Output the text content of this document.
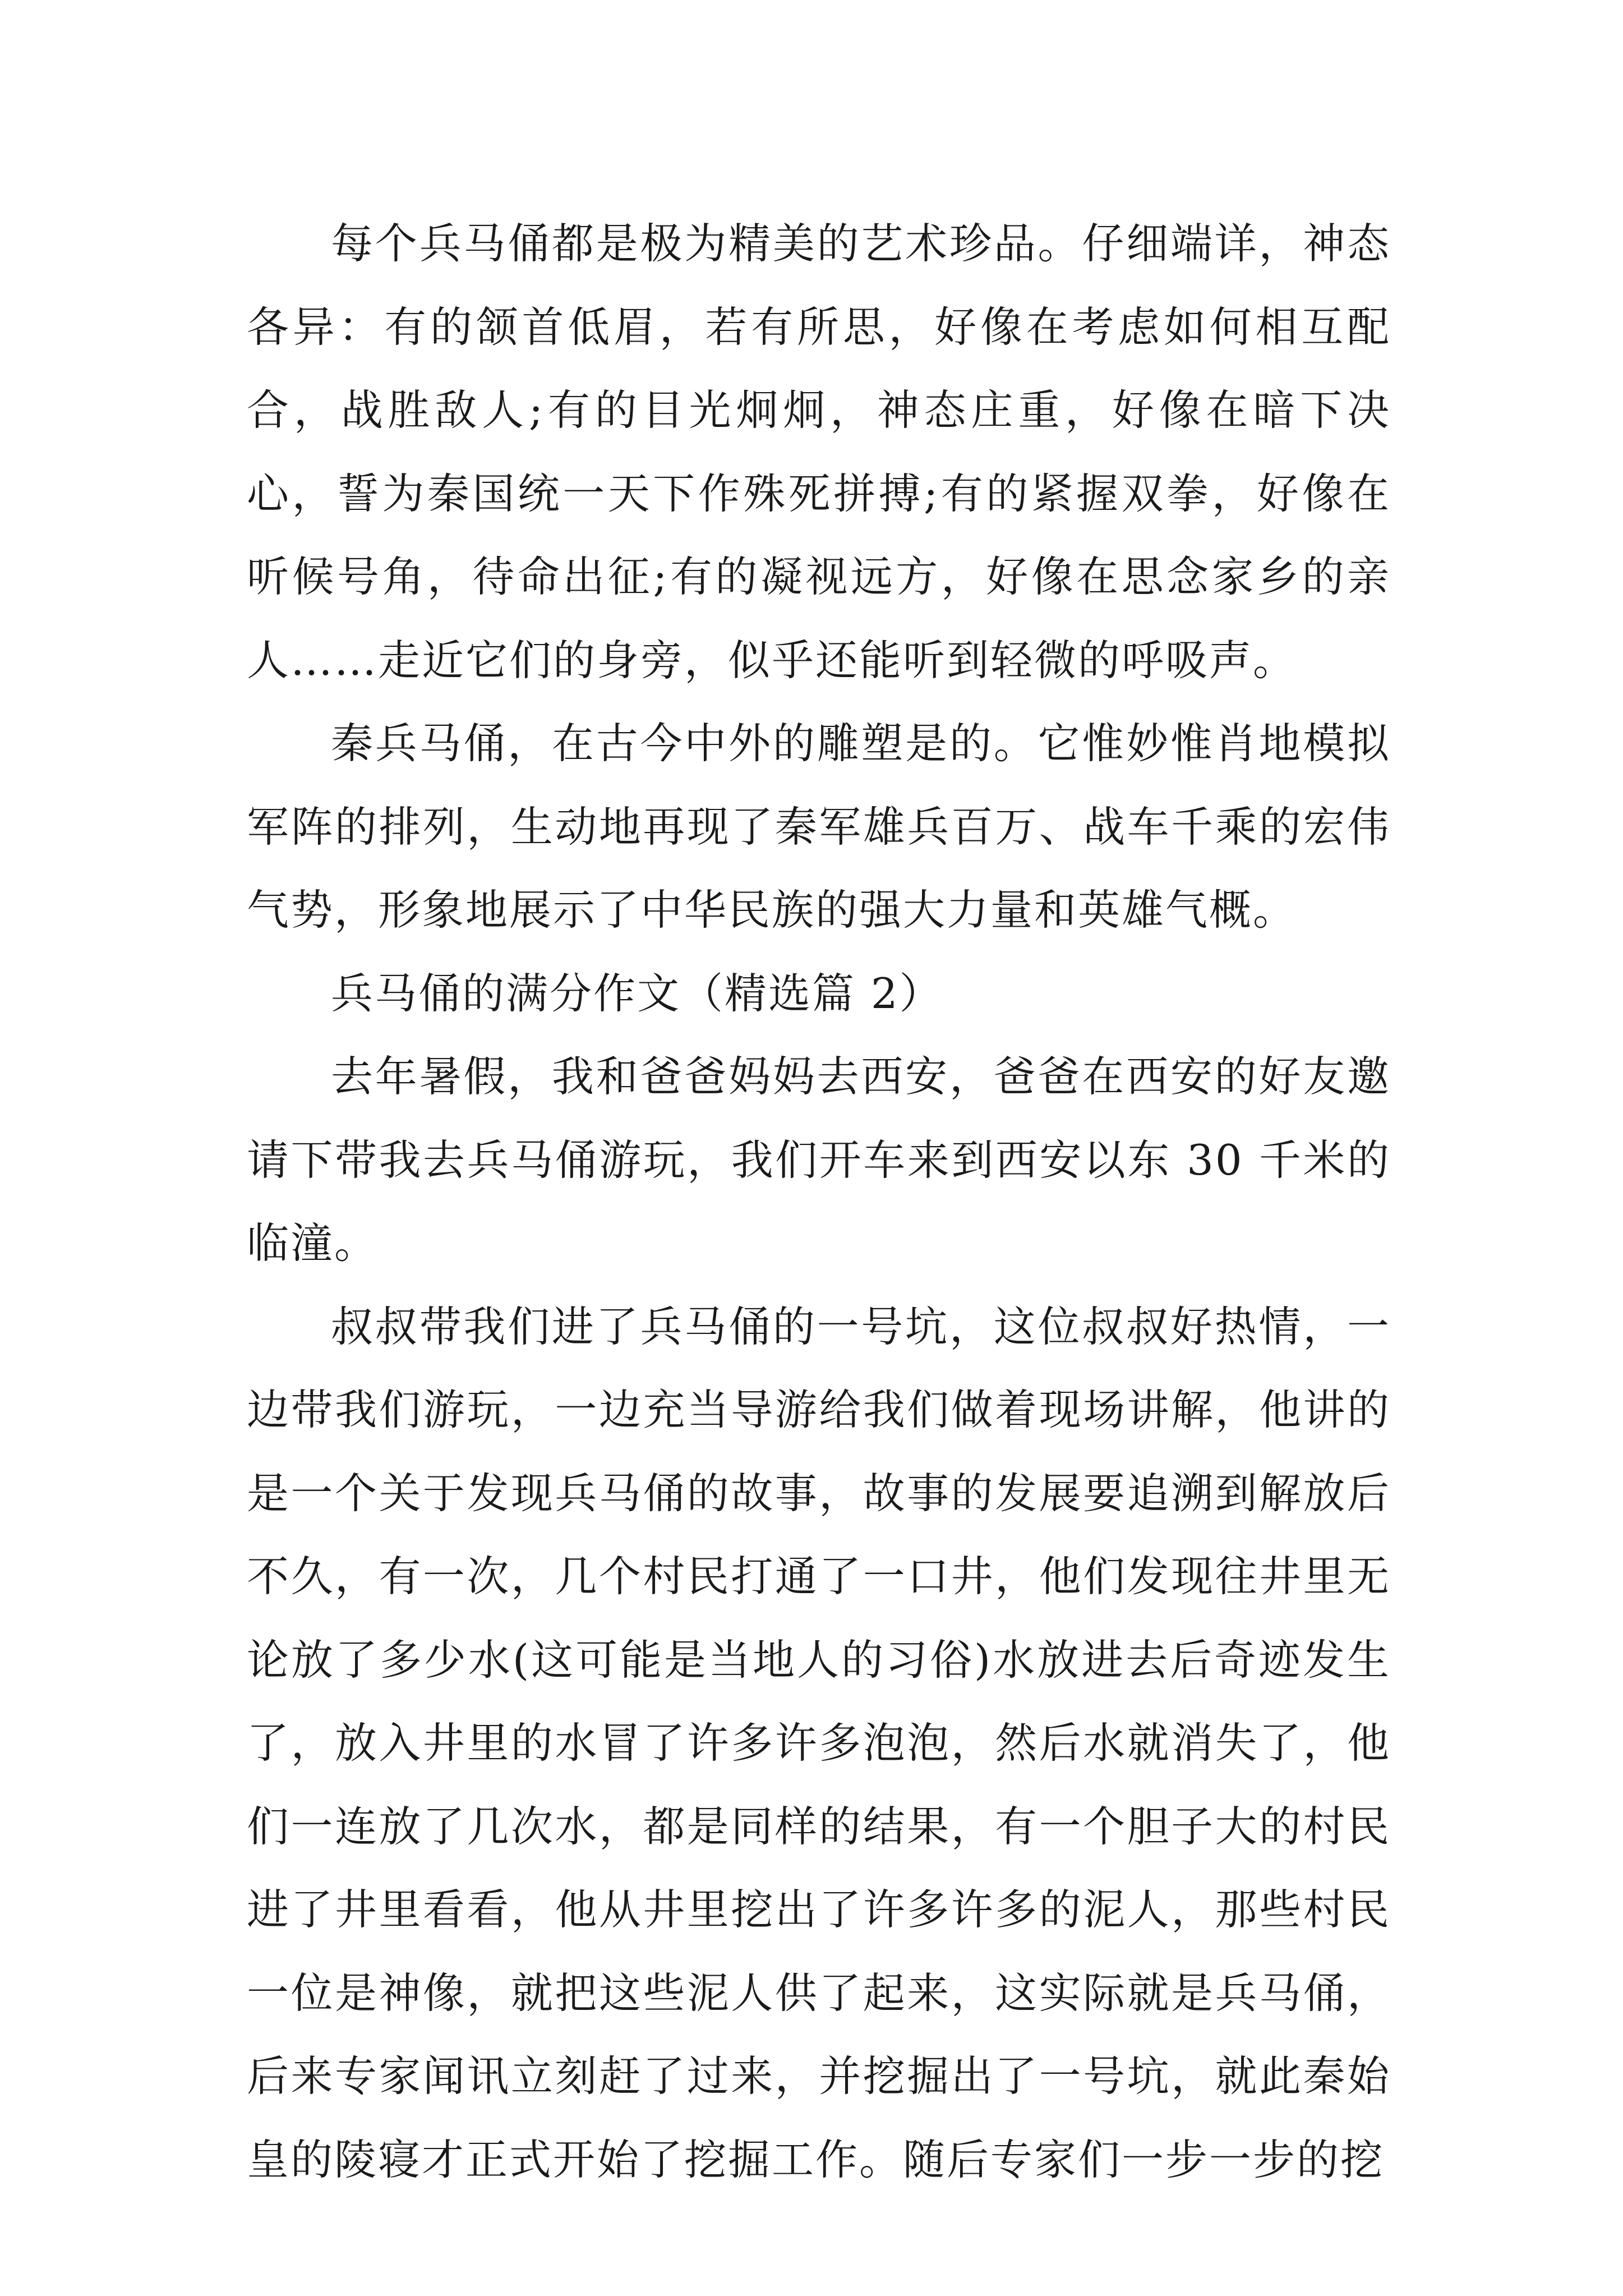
每个兵马俑都是极为精美的艺术珍品。仔细端详，神态各异：有的颔首低眉，若有所思，好像在考虑如何相互配合，战胜敌人;有的目光炯炯，神态庄重，好像在暗下决心，誓为秦国统一天下作殊死拼搏;有的紧握双拳，好像在听候号角，待命出征;有的凝视远方，好像在思念家乡的亲人……走近它们的身旁，似乎还能听到轻微的呼吸声。

秦兵马俑，在古今中外的雕塑是的。它惟妙惟肖地模拟军阵的排列，生动地再现了秦军雄兵百万、战车千乘的宏伟气势，形象地展示了中华民族的强大力量和英雄气概。

兵马俑的满分作文（精选篇 2）

去年暑假，我和爸爸妈妈去西安，爸爸在西安的好友邀请下带我去兵马俑游玩，我们开车来到西安以东 30 千米的临潼。

叔叔带我们进了兵马俑的一号坑，这位叔叔好热情，一边带我们游玩，一边充当导游给我们做着现场讲解，他讲的是一个关于发现兵马俑的故事，故事的发展要追溯到解放后不久，有一次，几个村民打通了一口井，他们发现往井里无论放了多少水(这可能是当地人的习俗)水放进去后奇迹发生了，放入井里的水冒了许多许多泡泡，然后水就消失了，他们一连放了几次水，都是同样的结果，有一个胆子大的村民进了井里看看，他从井里挖出了许多许多的泥人，那些村民一位是神像，就把这些泥人供了起来，这实际就是兵马俑，后来专家闻讯立刻赶了过来，并挖掘出了一号坑，就此秦始皇的陵寝才正式开始了挖掘工作。随后专家们一步一步的挖
